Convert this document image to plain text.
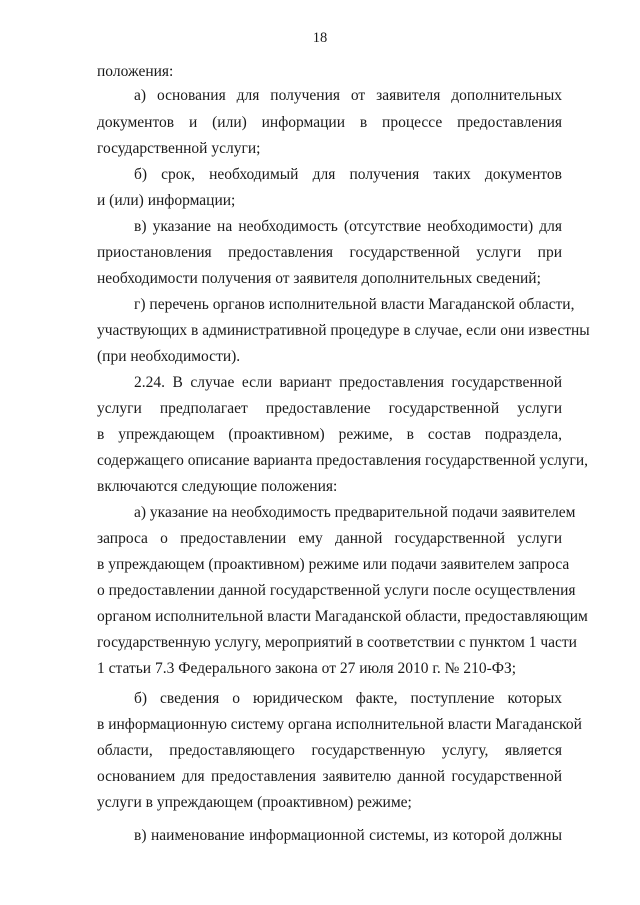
18
положения:
а) основания для получения от заявителя дополнительных
документов и (или) информации в процессе предоставления
государственной услуги;
б) срок, необходимый для получения таких документов
и (или) информации;
в) указание на необходимость (отсутствие необходимости) для
приостановления предоставления государственной услуги при
необходимости получения от заявителя дополнительных сведений;
г) перечень органов исполнительной власти Магаданской области,
участвующих в административной процедуре в случае, если они известны
(при необходимости).
2.24. В случае если вариант предоставления государственной
услуги предполагает предоставление государственной услуги
в упреждающем (проактивном) режиме, в состав подраздела,
содержащего описание варианта предоставления государственной услуги,
включаются следующие положения:
а) указание на необходимость предварительной подачи заявителем
запроса о предоставлении ему данной государственной услуги
в упреждающем (проактивном) режиме или подачи заявителем запроса
о предоставлении данной государственной услуги после осуществления
органом исполнительной власти Магаданской области, предоставляющим
государственную услугу, мероприятий в соответствии с пунктом 1 части
1 статьи 7.3 Федерального закона от 27 июля 2010 г. № 210-ФЗ;
б) сведения о юридическом факте, поступление которых
в информационную систему органа исполнительной власти Магаданской
области, предоставляющего государственную услугу, является
основанием для предоставления заявителю данной государственной
услуги в упреждающем (проактивном) режиме;
в) наименование информационной системы, из которой должны
